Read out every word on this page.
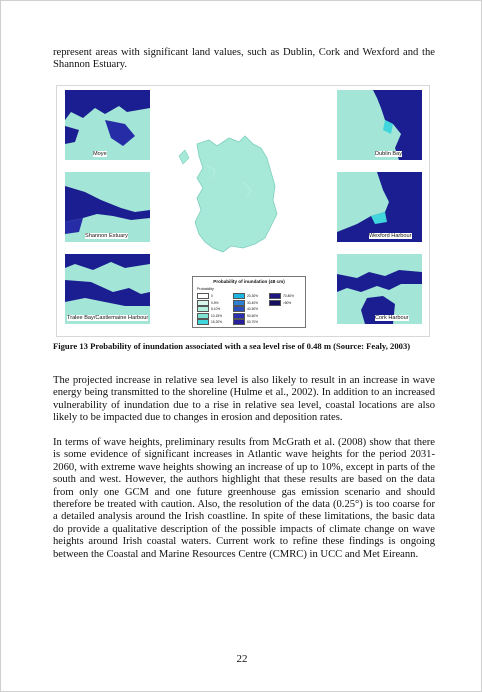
represent areas with significant land values, such as Dublin, Cork and Wexford and the Shannon Estuary.

Moye
Shannon Estuary
Tralee Bay/Castlemaine Harbour
Dublin Bay
Wexford Harbour
Cork Harbour
Probability of inundation (48 cm)
Probability
0
0-5%
5-10%
10-15%
15-20%
20-30%
30-40%
40-50%
50-60%
60-70%
70-80%
>80%
Figure 13 Probability of inundation associated with a sea level rise of 0.48 m (Source: Fealy, 2003)

The projected increase in relative sea level is also likely to result in an increase in wave energy being transmitted to the shoreline (Hulme et al., 2002). In addition to an increased vulnerability of inundation due to a rise in relative sea level, coastal locations are also likely to be impacted due to changes in erosion and deposition rates.

In terms of wave heights, preliminary results from McGrath et al. (2008) show that there is some evidence of significant increases in Atlantic wave heights for the period 2031-2060, with extreme wave heights showing an increase of up to 10%, except in parts of the south and west. However, the authors highlight that these results are based on the data from only one GCM and one future greenhouse gas emission scenario and should therefore be treated with caution. Also, the resolution of the data (0.25°) is too coarse for a detailed analysis around the Irish coastline. In spite of these limitations, the basic data do provide a qualitative description of the possible impacts of climate change on wave heights around Irish coastal waters. Current work to refine these findings is ongoing between the Coastal and Marine Resources Centre (CMRC) in UCC and Met Eireann.

22
